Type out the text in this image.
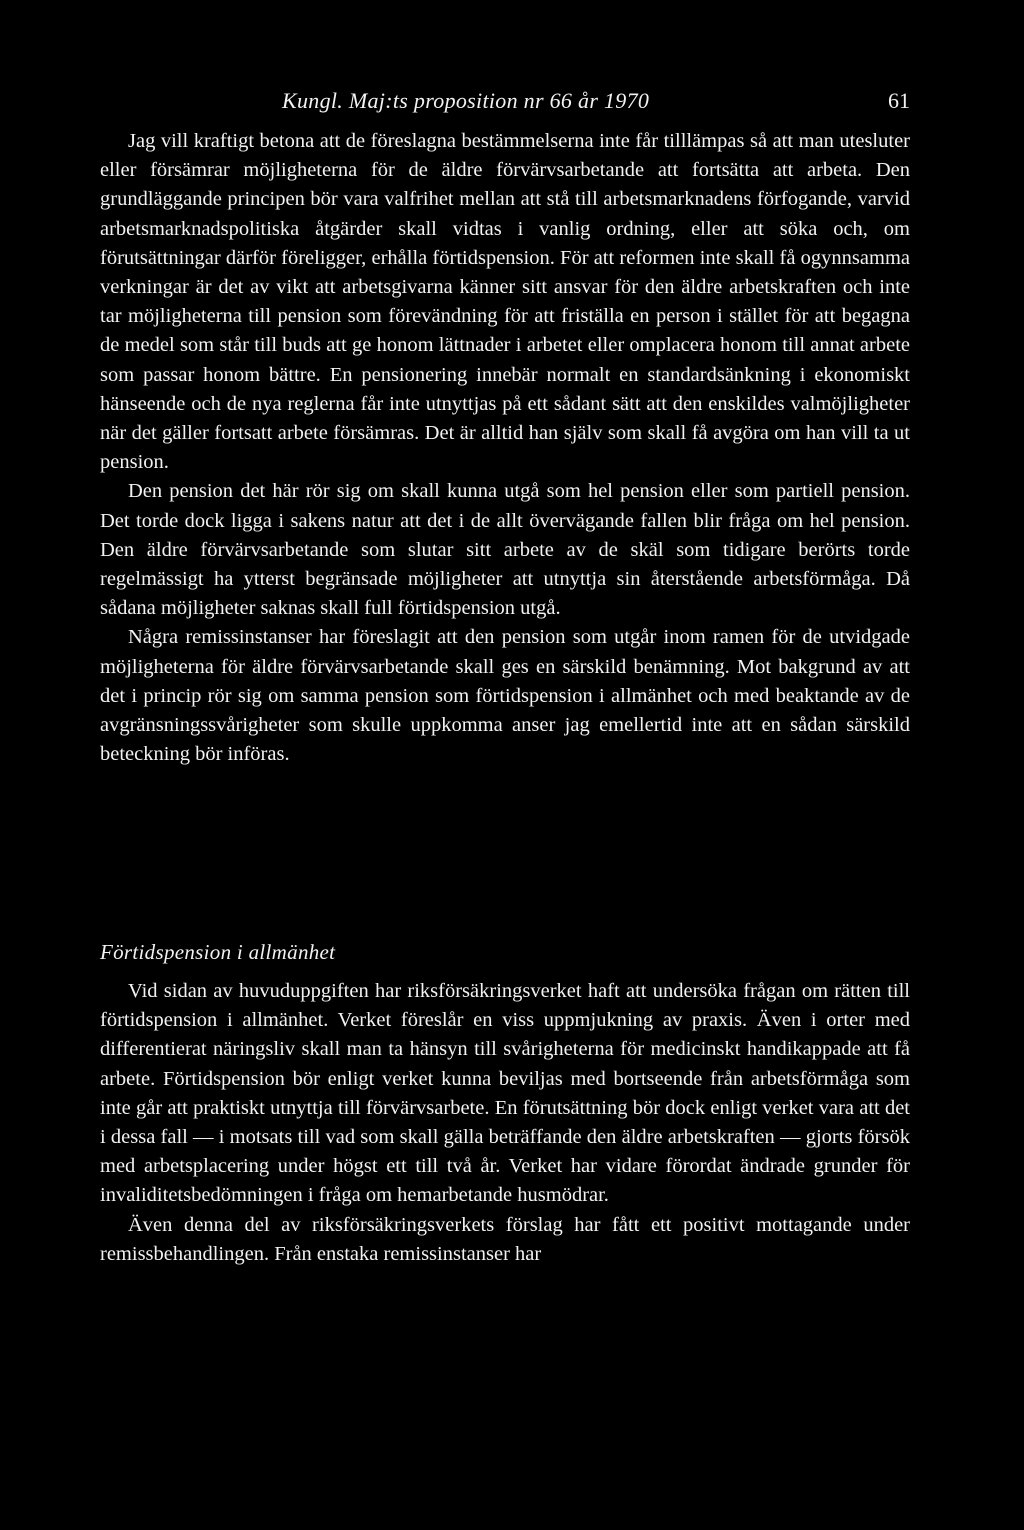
Kungl. Maj:ts proposition nr 66 år 1970	61

Jag vill kraftigt betona att de föreslagna bestämmelserna inte får tilllämpas så att man utesluter eller försämrar möjligheterna för de äldre förvärvsarbetande att fortsätta att arbeta. Den grundläggande principen bör vara valfrihet mellan att stå till arbetsmarknadens förfogande, varvid arbetsmarknadspolitiska åtgärder skall vidtas i vanlig ordning, eller att söka och, om förutsättningar därför föreligger, erhålla förtidspension. För att reformen inte skall få ogynnsamma verkningar är det av vikt att arbetsgivarna känner sitt ansvar för den äldre arbetskraften och inte tar möjligheterna till pension som förevändning för att friställa en person i stället för att begagna de medel som står till buds att ge honom lättnader i arbetet eller omplacera honom till annat arbete som passar honom bättre. En pensionering innebär normalt en standardsänkning i ekonomiskt hänseende och de nya reglerna får inte utnyttjas på ett sådant sätt att den enskildes valmöjligheter när det gäller fortsatt arbete försämras. Det är alltid han själv som skall få avgöra om han vill ta ut pension.

Den pension det här rör sig om skall kunna utgå som hel pension eller som partiell pension. Det torde dock ligga i sakens natur att det i de allt övervägande fallen blir fråga om hel pension. Den äldre förvärvsarbetande som slutar sitt arbete av de skäl som tidigare berörts torde regelmässigt ha ytterst begränsade möjligheter att utnyttja sin återstående arbetsförmåga. Då sådana möjligheter saknas skall full förtidspension utgå.

Några remissinstanser har föreslagit att den pension som utgår inom ramen för de utvidgade möjligheterna för äldre förvärvsarbetande skall ges en särskild benämning. Mot bakgrund av att det i princip rör sig om samma pension som förtidspension i allmänhet och med beaktande av de avgränsningssvårigheter som skulle uppkomma anser jag emellertid inte att en sådan särskild beteckning bör införas.

Förtidspension i allmänhet

Vid sidan av huvuduppgiften har riksförsäkringsverket haft att undersöka frågan om rätten till förtidspension i allmänhet. Verket föreslår en viss uppmjukning av praxis. Även i orter med differentierat näringsliv skall man ta hänsyn till svårigheterna för medicinskt handikappade att få arbete. Förtidspension bör enligt verket kunna beviljas med bortseende från arbetsförmåga som inte går att praktiskt utnyttja till förvärvsarbete. En förutsättning bör dock enligt verket vara att det i dessa fall — i motsats till vad som skall gälla beträffande den äldre arbetskraften — gjorts försök med arbetsplacering under högst ett till två år. Verket har vidare förordat ändrade grunder för invaliditetsbedömningen i fråga om hemarbetande husmödrar.

Även denna del av riksförsäkringsverkets förslag har fått ett positivt mottagande under remissbehandlingen. Från enstaka remissinstanser har
